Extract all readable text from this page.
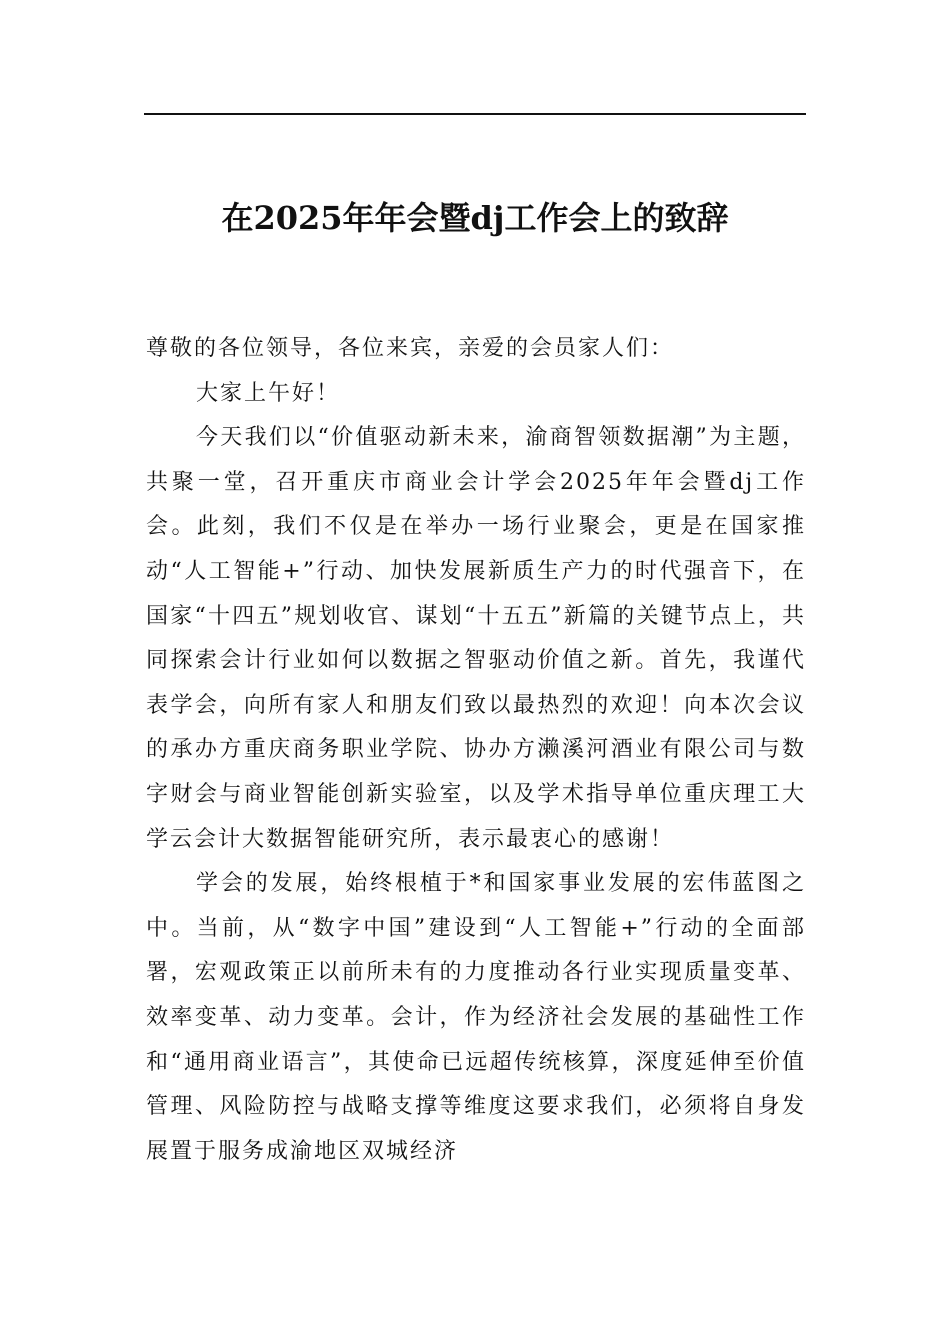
在2025年年会暨dj工作会上的致辞

尊敬的各位领导，各位来宾，亲爱的会员家人们：

大家上午好！

今天我们以“价值驱动新未来，渝商智领数据潮”为主题，共聚一堂，召开重庆市商业会计学会2025年年会暨dj工作会。此刻，我们不仅是在举办一场行业聚会，更是在国家推动“人工智能+”行动、加快发展新质生产力的时代强音下，在国家“十四五”规划收官、谋划“十五五”新篇的关键节点上，共同探索会计行业如何以数据之智驱动价值之新。首先，我谨代表学会，向所有家人和朋友们致以最热烈的欢迎！向本次会议的承办方重庆商务职业学院、协办方濑溪河酒业有限公司与数字财会与商业智能创新实验室，以及学术指导单位重庆理工大学云会计大数据智能研究所，表示最衷心的感谢！

学会的发展，始终根植于*和国家事业发展的宏伟蓝图之中。当前，从“数字中国”建设到“人工智能+”行动的全面部署，宏观政策正以前所未有的力度推动各行业实现质量变革、效率变革、动力变革。会计，作为经济社会发展的基础性工作和“通用商业语言”，其使命已远超传统核算，深度延伸至价值管理、风险防控与战略支撑等维度这要求我们，必须将自身发展置于服务成渝地区双城经济
